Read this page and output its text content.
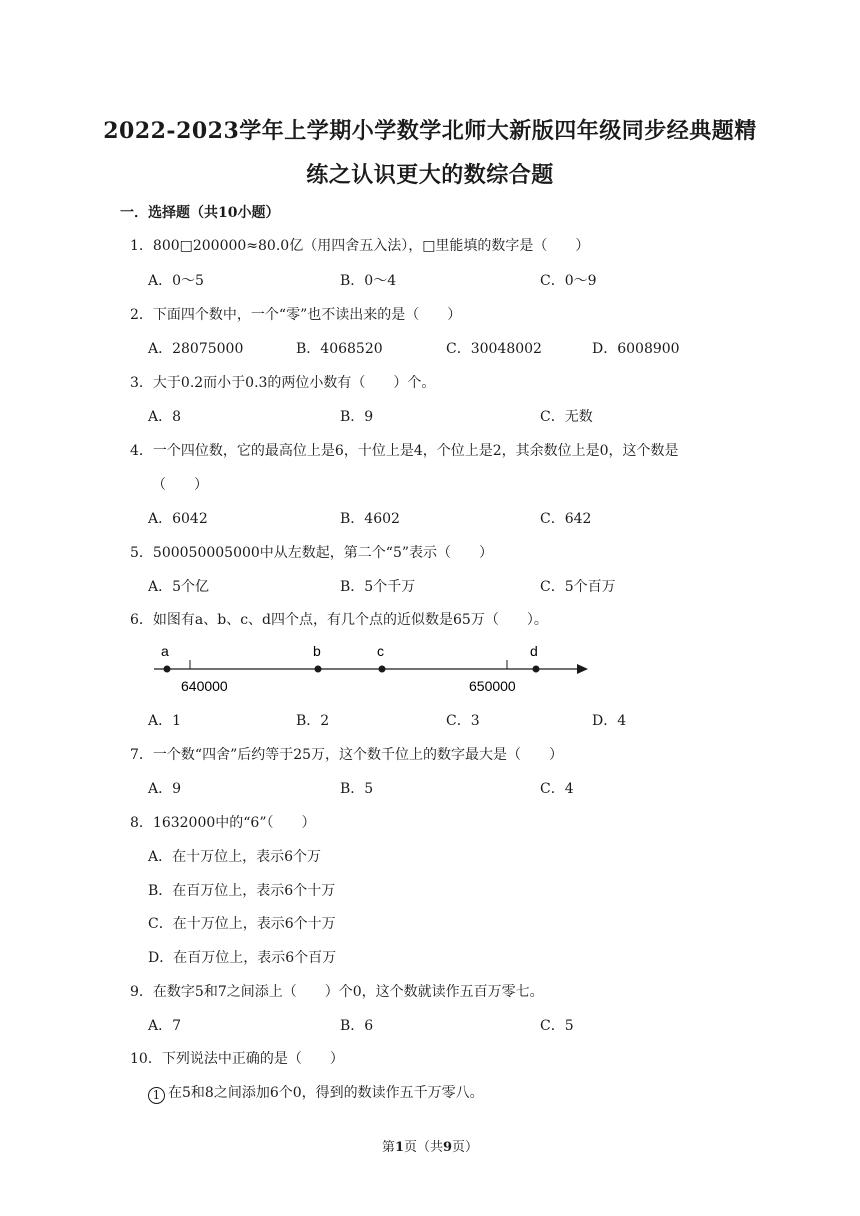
2022-2023学年上学期小学数学北师大新版四年级同步经典题精
练之认识更大的数综合题
一．选择题（共10小题）
1．800□200000≈80.0亿（用四舍五入法），□里能填的数字是（　　）
A．0～5	B．0～4	C．0～9
2．下面四个数中，一个“零”也不读出来的是（　　）
A．28075000	B．4068520	C．30048002	D．6008900
3．大于0.2而小于0.3的两位小数有（　　）个。
A．8	B．9	C．无数
4．一个四位数，它的最高位上是6，十位上是4，个位上是2，其余数位上是0，这个数是
（　　）
A．6042	B．4602	C．642
5．500050005000中从左数起，第二个“5”表示（　　）
A．5个亿	B．5个千万	C．5个百万
6．如图有a、b、c、d四个点，有几个点的近似数是65万（　　）。
a	b	c	d
640000	650000
A．1	B．2	C．3	D．4
7．一个数“四舍”后约等于25万，这个数千位上的数字最大是（　　）
A．9	B．5	C．4
8．1632000中的“6”（　　）
A．在十万位上，表示6个万
B．在百万位上，表示6个十万
C．在十万位上，表示6个十万
D．在百万位上，表示6个百万
9．在数字5和7之间添上（　　）个0，这个数就读作五百万零七。
A．7	B．6	C．5
10．下列说法中正确的是（　　）
1 在5和8之间添加6个0，得到的数读作五千万零八。
第1页（共9页）
